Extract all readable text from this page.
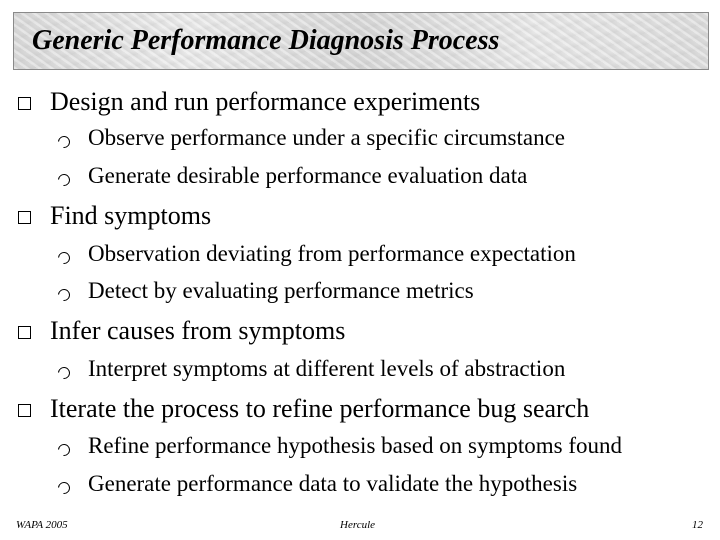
Generic Performance Diagnosis Process
Design and run performance experiments
Observe performance under a specific circumstance
Generate desirable performance evaluation data
Find symptoms
Observation deviating from performance expectation
Detect by evaluating performance metrics
Infer causes from symptoms
Interpret symptoms at different levels of abstraction
Iterate the process to refine performance bug search
Refine performance hypothesis based on symptoms found
Generate performance data to validate the hypothesis
WAPA 2005	Hercule	12
